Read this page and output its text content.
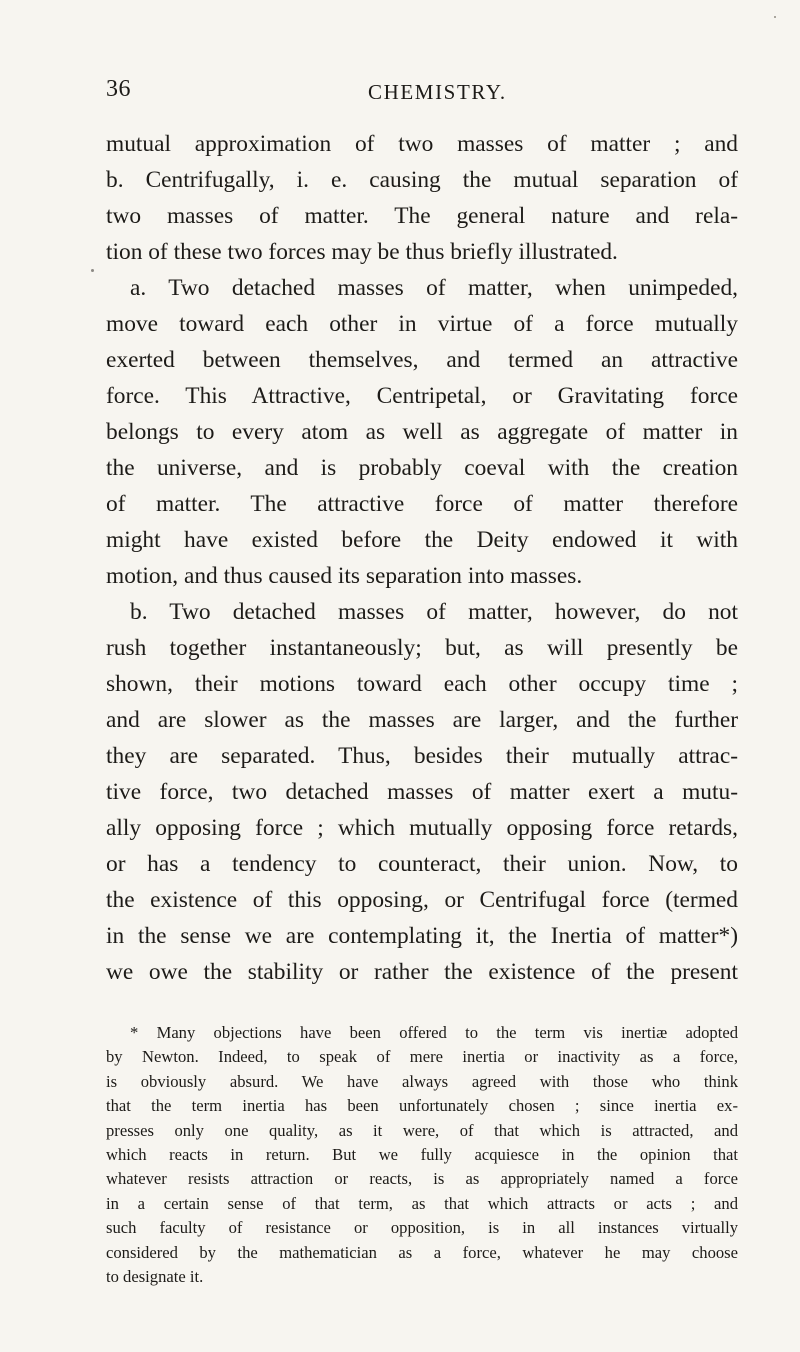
36	CHEMISTRY.
mutual approximation of two masses of matter ; and
b. Centrifugally, i. e. causing the mutual separation of
two masses of matter. The general nature and rela-
tion of these two forces may be thus briefly illustrated.
a. Two detached masses of matter, when unimpeded,
move toward each other in virtue of a force mutually
exerted between themselves, and termed an attractive
force. This Attractive, Centripetal, or Gravitating force
belongs to every atom as well as aggregate of matter in
the universe, and is probably coeval with the creation
of matter. The attractive force of matter therefore
might have existed before the Deity endowed it with
motion, and thus caused its separation into masses.
b. Two detached masses of matter, however, do not
rush together instantaneously; but, as will presently be
shown, their motions toward each other occupy time ;
and are slower as the masses are larger, and the further
they are separated. Thus, besides their mutually attrac-
tive force, two detached masses of matter exert a mutu-
ally opposing force ; which mutually opposing force retards,
or has a tendency to counteract, their union. Now, to
the existence of this opposing, or Centrifugal force (termed
in the sense we are contemplating it, the Inertia of matter*)
we owe the stability or rather the existence of the present
* Many objections have been offered to the term vis inertiæ adopted
by Newton. Indeed, to speak of mere inertia or inactivity as a force,
is obviously absurd. We have always agreed with those who think
that the term inertia has been unfortunately chosen ; since inertia ex-
presses only one quality, as it were, of that which is attracted, and
which reacts in return. But we fully acquiesce in the opinion that
whatever resists attraction or reacts, is as appropriately named a force
in a certain sense of that term, as that which attracts or acts ; and
such faculty of resistance or opposition, is in all instances virtually
considered by the mathematician as a force, whatever he may choose
to designate it.
